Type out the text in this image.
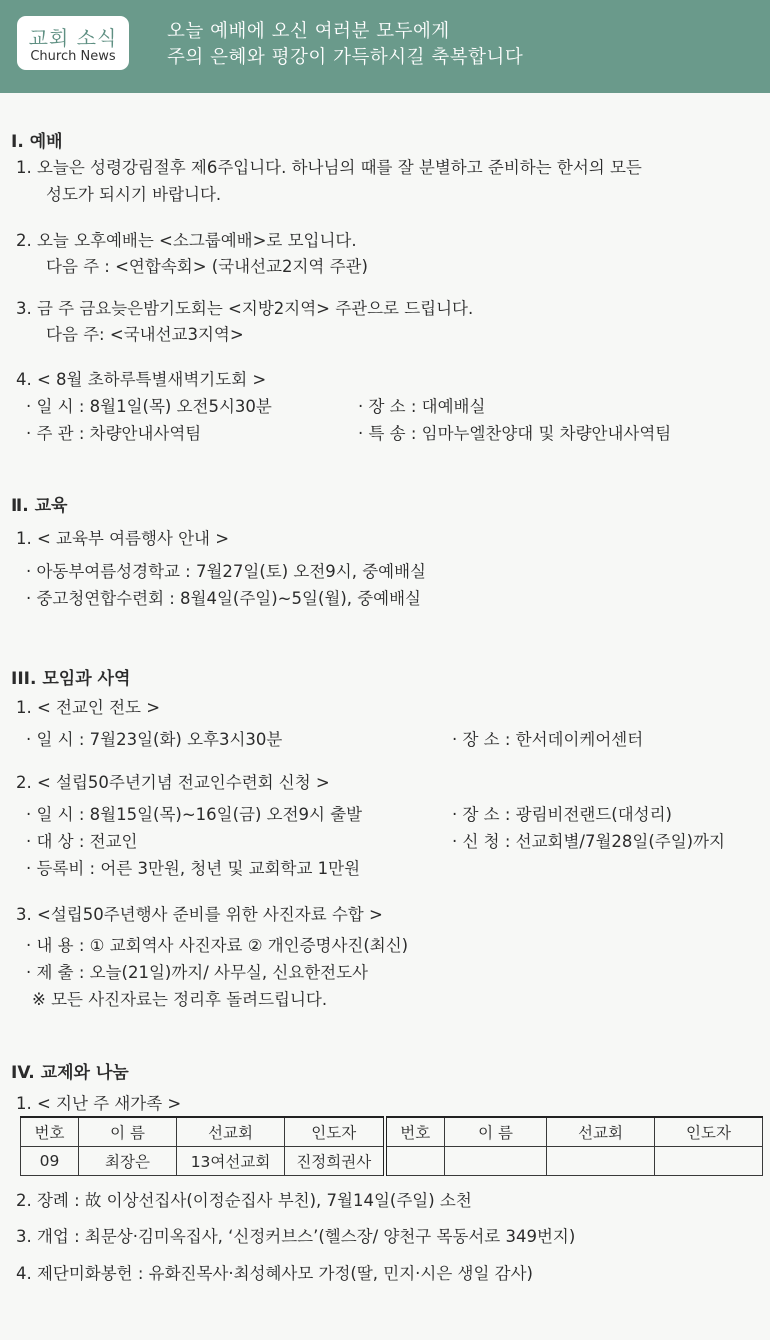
교회 소식
Church News
오늘 예배에 오신 여러분 모두에게
주의 은혜와 평강이 가득하시길 축복합니다
Ⅰ. 예배
1. 오늘은 성령강림절후 제6주입니다. 하나님의 때를 잘 분별하고 준비하는 한서의 모든
성도가 되시기 바랍니다.
2. 오늘 오후예배는 <소그룹예배>로 모입니다.
다음 주 : <연합속회> (국내선교2지역 주관)
3. 금 주 금요늦은밤기도회는 <지방2지역> 주관으로 드립니다.
다음 주: <국내선교3지역>
4. < 8월 초하루특별새벽기도회 >
· 일 시 : 8월1일(목) 오전5시30분	· 장 소 : 대예배실
· 주 관 : 차량안내사역팀	· 특 송 : 임마누엘찬양대 및 차량안내사역팀
Ⅱ. 교육
1. < 교육부 여름행사 안내 >
· 아동부여름성경학교 : 7월27일(토) 오전9시, 중예배실
· 중고청연합수련회 : 8월4일(주일)~5일(월), 중예배실
III. 모임과 사역
1. < 전교인 전도 >
· 일 시 : 7월23일(화) 오후3시30분	· 장 소 : 한서데이케어센터
2. < 설립50주년기념 전교인수련회 신청 >
· 일 시 : 8월15일(목)~16일(금) 오전9시 출발	· 장 소 : 광림비전랜드(대성리)
· 대 상 : 전교인	· 신 청 : 선교회별/7월28일(주일)까지
· 등록비 : 어른 3만원, 청년 및 교회학교 1만원
3. <설립50주년행사 준비를 위한 사진자료 수합 >
· 내 용 : ① 교회역사 사진자료 ② 개인증명사진(최신)
· 제 출 : 오늘(21일)까지/ 사무실, 신요한전도사
※ 모든 사진자료는 정리후 돌려드립니다.
IV. 교제와 나눔
1. < 지난 주 새가족 >
번호	이 름	선교회	인도자	번호	이 름	선교회	인도자
09	최장은	13여선교회	진정희권사				
2. 장례 : 故 이상선집사(이정순집사 부친), 7월14일(주일) 소천
3. 개업 : 최문상·김미옥집사, ‘신정커브스’(헬스장/ 양천구 목동서로 349번지)
4. 제단미화봉헌 : 유화진목사·최성혜사모 가정(딸, 민지·시은 생일 감사)
